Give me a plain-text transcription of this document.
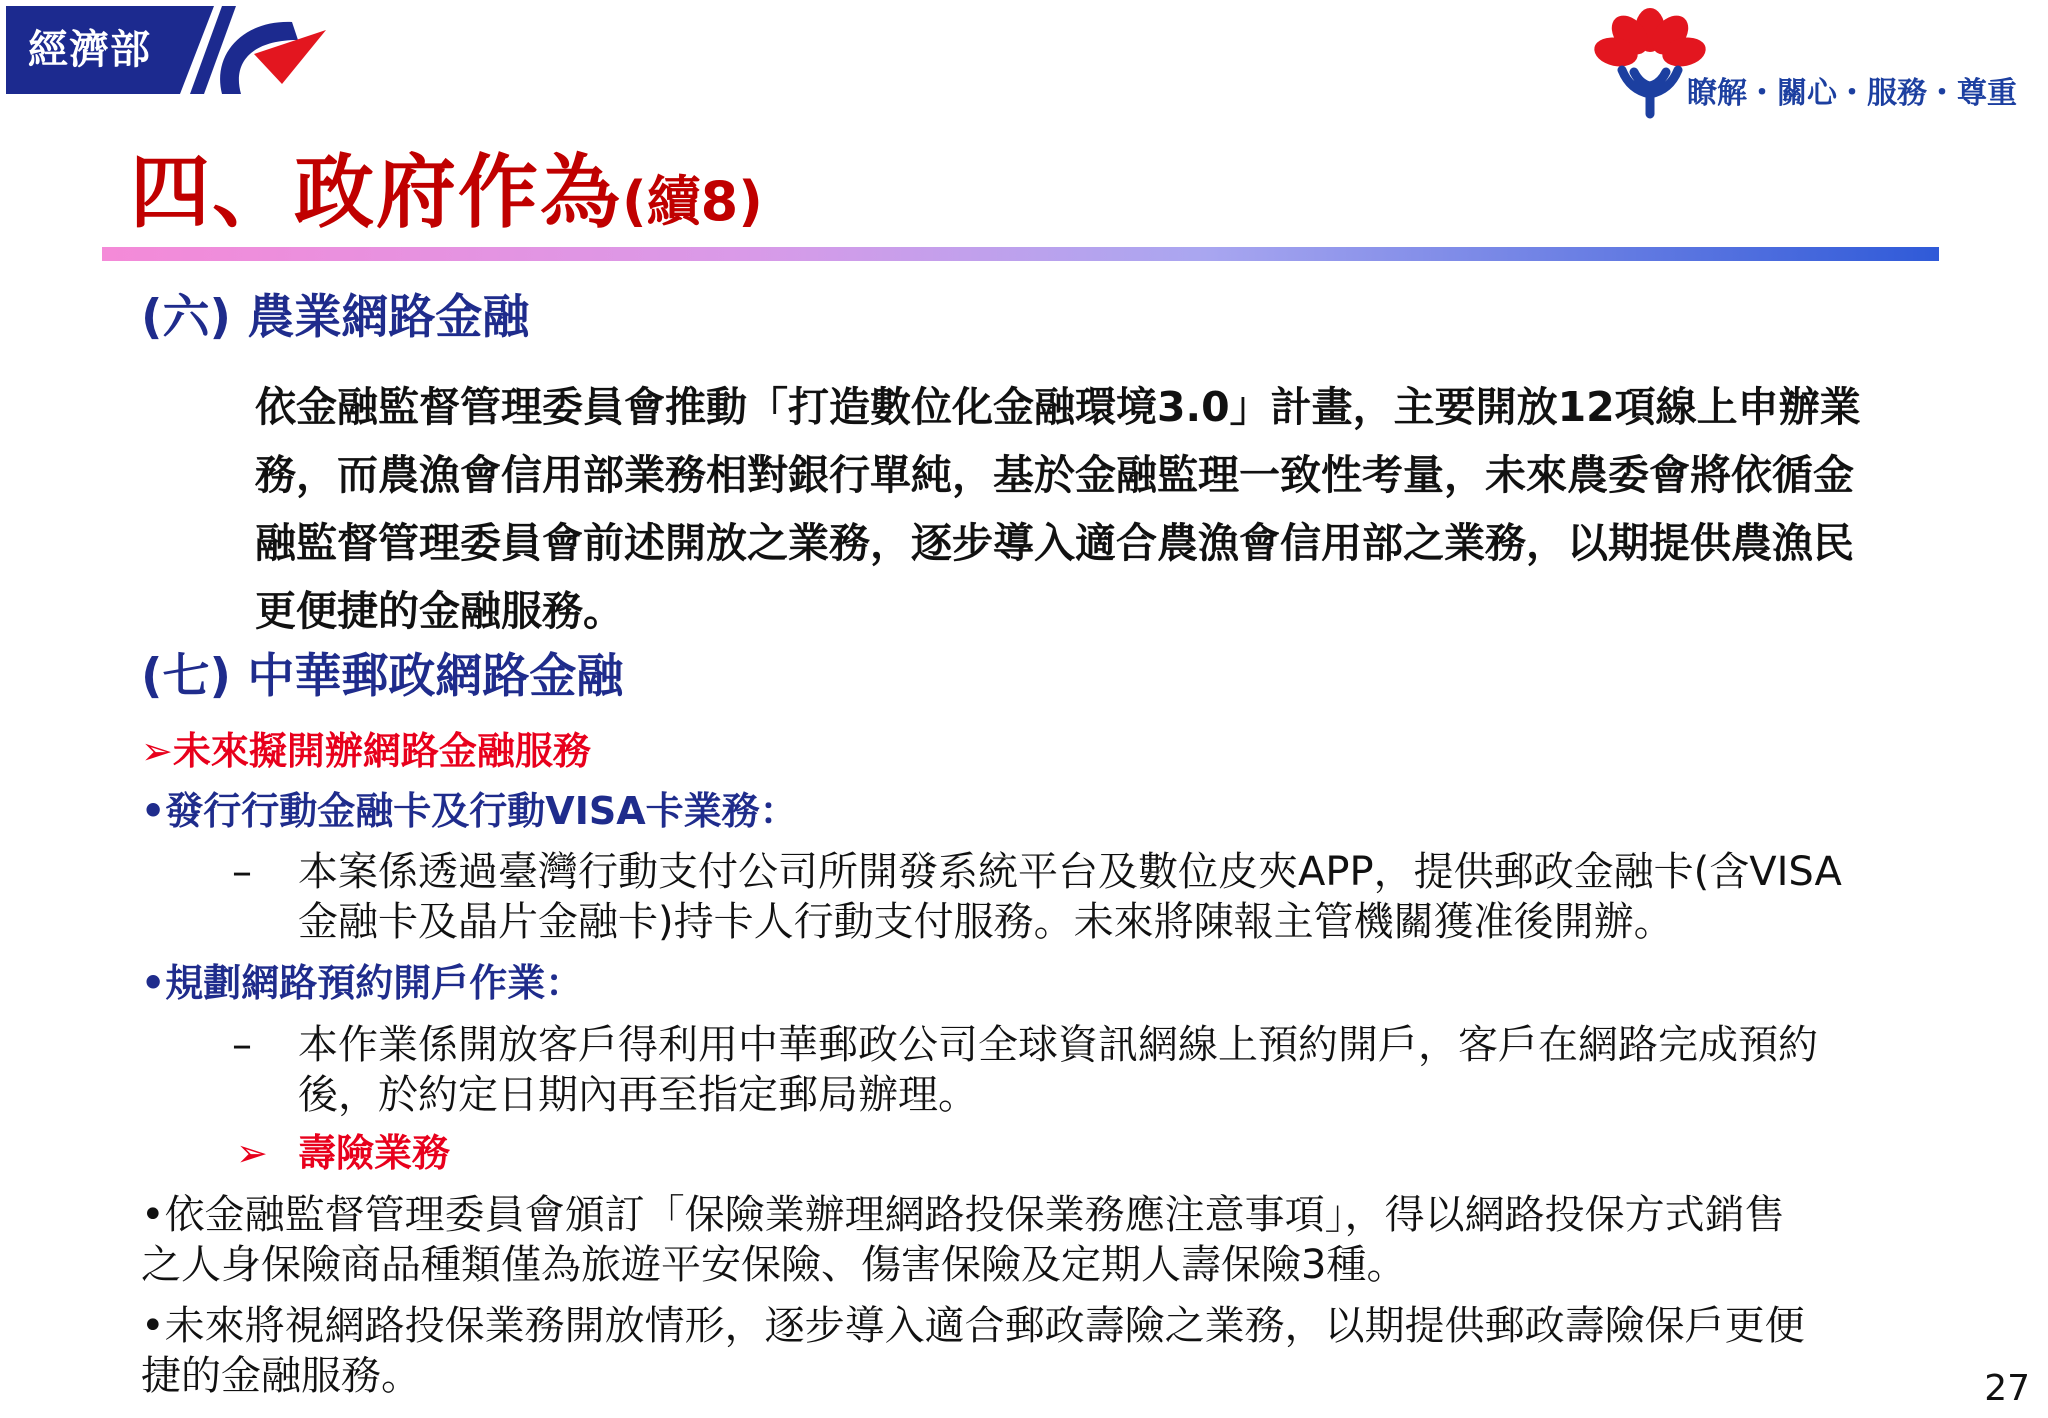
經濟部
瞭解・關心・服務・尊重
四、政府作為(續8)
(六) 農業網路金融
依金融監督管理委員會推動「打造數位化金融環境3.0」計畫，主要開放12項線上申辦業
務，而農漁會信用部業務相對銀行單純，基於金融監理一致性考量，未來農委會將依循金
融監督管理委員會前述開放之業務，逐步導入適合農漁會信用部之業務，以期提供農漁民
更便捷的金融服務。
(七) 中華郵政網路金融
➢未來擬開辦網路金融服務
•發行行動金融卡及行動VISA卡業務：
– 本案係透過臺灣行動支付公司所開發系統平台及數位皮夾APP，提供郵政金融卡(含VISA
金融卡及晶片金融卡)持卡人行動支付服務。未來將陳報主管機關獲准後開辦。
•規劃網路預約開戶作業：
– 本作業係開放客戶得利用中華郵政公司全球資訊網線上預約開戶，客戶在網路完成預約
後，於約定日期內再至指定郵局辦理。
➢ 壽險業務
•依金融監督管理委員會頒訂「保險業辦理網路投保業務應注意事項」，得以網路投保方式銷售
之人身保險商品種類僅為旅遊平安保險、傷害保險及定期人壽保險3種。
•未來將視網路投保業務開放情形，逐步導入適合郵政壽險之業務，以期提供郵政壽險保戶更便
捷的金融服務。	27
